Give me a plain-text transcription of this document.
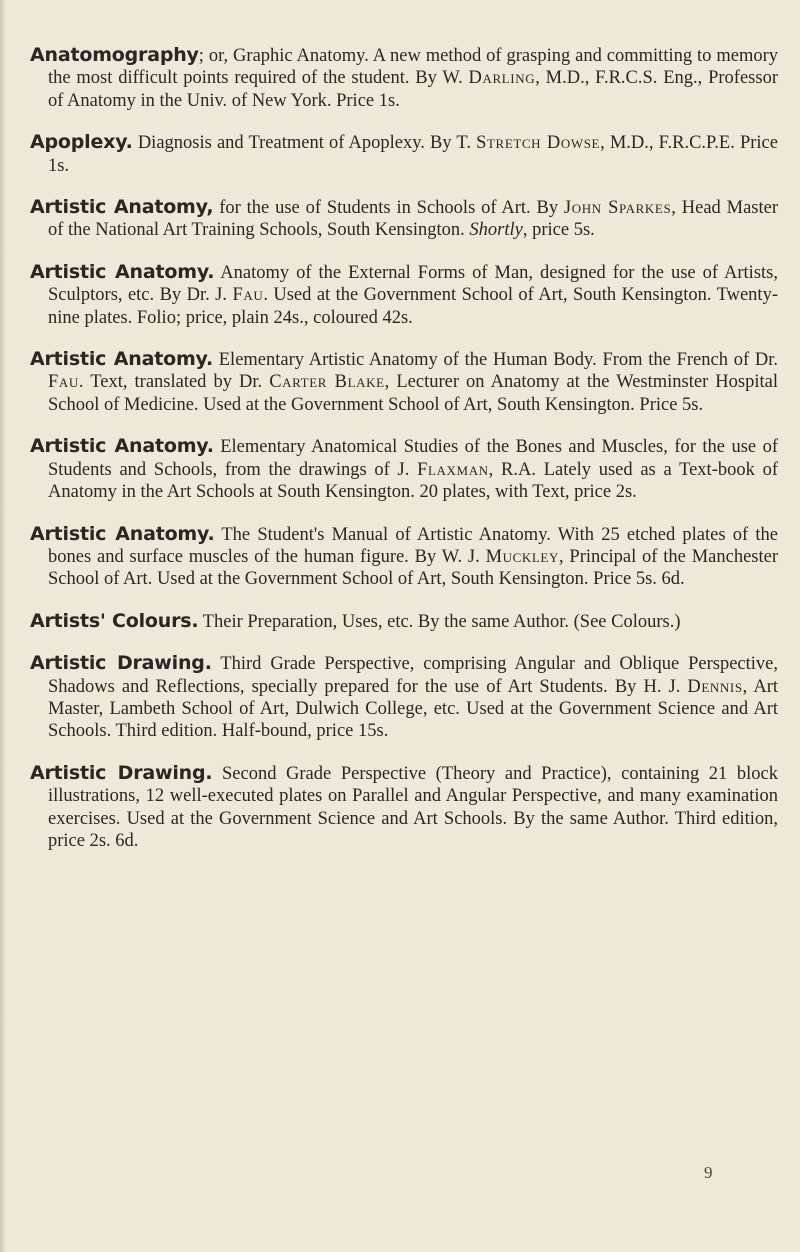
Anatomography; or, Graphic Anatomy. A new method of grasping and committing to memory the most difficult points required of the student. By W. Darling, M.D., F.R.C.S. Eng., Professor of Anatomy in the Univ. of New York. Price 1s.

Apoplexy. Diagnosis and Treatment of Apoplexy. By T. Stretch Dowse, M.D., F.R.C.P.E. Price 1s.

Artistic Anatomy, for the use of Students in Schools of Art. By John Sparkes, Head Master of the National Art Training Schools, South Kensington. Shortly, price 5s.

Artistic Anatomy. Anatomy of the External Forms of Man, designed for the use of Artists, Sculptors, etc. By Dr. J. Fau. Used at the Government School of Art, South Kensington. Twenty-nine plates. Folio; price, plain 24s., coloured 42s.

Artistic Anatomy. Elementary Artistic Anatomy of the Human Body. From the French of Dr. Fau. Text, translated by Dr. Carter Blake, Lecturer on Anatomy at the Westminster Hospital School of Medicine. Used at the Government School of Art, South Kensington. Price 5s.

Artistic Anatomy. Elementary Anatomical Studies of the Bones and Muscles, for the use of Students and Schools, from the drawings of J. Flaxman, R.A. Lately used as a Text-book of Anatomy in the Art Schools at South Kensington. 20 plates, with Text, price 2s.

Artistic Anatomy. The Student's Manual of Artistic Anatomy. With 25 etched plates of the bones and surface muscles of the human figure. By W. J. Muckley, Principal of the Manchester School of Art. Used at the Government School of Art, South Kensington. Price 5s. 6d.

Artists' Colours. Their Preparation, Uses, etc. By the same Author. (See Colours.)

Artistic Drawing. Third Grade Perspective, comprising Angular and Oblique Perspective, Shadows and Reflections, specially prepared for the use of Art Students. By H. J. Dennis, Art Master, Lambeth School of Art, Dulwich College, etc. Used at the Government Science and Art Schools. Third edition. Half-bound, price 15s.

Artistic Drawing. Second Grade Perspective (Theory and Practice), containing 21 block illustrations, 12 well-executed plates on Parallel and Angular Perspective, and many examination exercises. Used at the Government Science and Art Schools. By the same Author. Third edition, price 2s. 6d.

9
